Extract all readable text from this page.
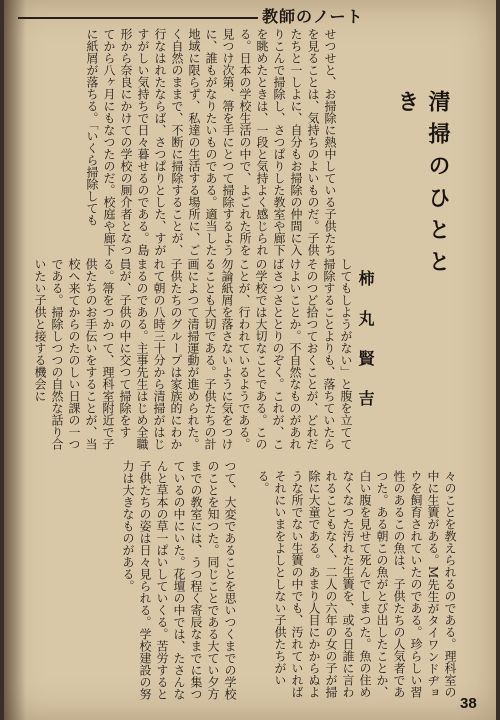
教師のノート
せつせと、お掃除に熱中している子供たちを見ることは、気持ちのよいものだ。子供たちと一しよに、自分もお掃除の仲間に入りこんで掃除し、さつぱりした教室や廊下を眺めたときは、一段と気持よく感じられる。日本の学校生活の中で、よごれた所を見つけ次第、箒を手にとつて掃除するように、誰もがなりたいものである。適当した地域に限らず、私達の生活する場所に、ごく自然のままで、不断に掃除することが、行なはれたならば、さつぱりとした、すがすがしい気持ちで日々暮せるのである。島形から奈良にかけての学校の厠介者となつてから八ヶ月にもなつたのだ。校庭や廊下に紙屑が落ちる。「いくら掃除しても	清掃のひととき
柿丸賢吉
してもしようがない」と腹を立てて掃除することよりも、落ちていたらそのつど拾つておくことが、どれだけよいことか。不自然なものがあればさつさととりのぞく。これが、この学校では大切なことである。このことが、行われているようである。勿論紙屑を落さないように気をつけることも大切である。子供たちの計画によつて清掃運動が進められた。子供たちのグループは家族的にわかれて朝の八時三十分から清掃がはじまるのである。主事先生はじめ全職員が、子供の中に交つて掃除をする。箒をつかつて、理科室附近で子供たちのお手伝いをすることが、当校へ来てからのたのしい日課の一つである。掃除しつつの自然な話り合いたい子供と接する機会に
つて、大変であることを思いつくまでの学校のことを知つた。同じことである大てい夕方までの教室には、うつ程く寄辰なまでに集つているの中にいた。花壇の中では、たさんなんと草本の草一ぱいしていくる。苦労すると子供たちの姿は日々見られる。学校建設の努力は大きなものがある。	々のことを教えられるのである。理科室の中に生簀がある。M先生がタイワンドヂョウを飼育されていたのである。珍らしい習性のあるこの魚は、子供たちの人気者であつた。ある朝この魚がとび出したことか、白い腹を見せて死んでしまつた。魚の住めなくなつた汚れた生簀を、或る日誰に言われることもなく、二人の六年の女の子が掃除に大童である。あまり人目にかからぬような所でない生簀の中でも、汚れていればそれにいまをよしとしない子供たちがいる。
38
